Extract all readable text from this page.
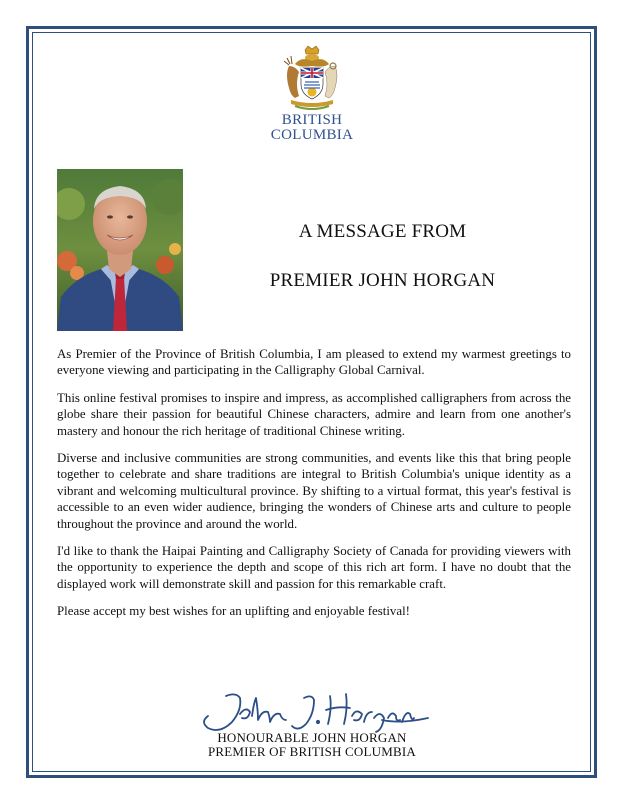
BRITISH
COLUMBIA
A MESSAGE FROM
PREMIER JOHN HORGAN

As Premier of the Province of British Columbia, I am pleased to extend my warmest greetings to everyone viewing and participating in the Calligraphy Global Carnival.

This online festival promises to inspire and impress, as accomplished calligraphers from across the globe share their passion for beautiful Chinese characters, admire and learn from one another's mastery and honour the rich heritage of traditional Chinese writing.

Diverse and inclusive communities are strong communities, and events like this that bring people together to celebrate and share traditions are integral to British Columbia's unique identity as a vibrant and welcoming multicultural province. By shifting to a virtual format, this year's festival is accessible to an even wider audience, bringing the wonders of Chinese arts and culture to people throughout the province and around the world.

I'd like to thank the Haipai Painting and Calligraphy Society of Canada for providing viewers with the opportunity to experience the depth and scope of this rich art form. I have no doubt that the displayed work will demonstrate skill and passion for this remarkable craft.

Please accept my best wishes for an uplifting and enjoyable festival!

HONOURABLE JOHN HORGAN
PREMIER OF BRITISH COLUMBIA
